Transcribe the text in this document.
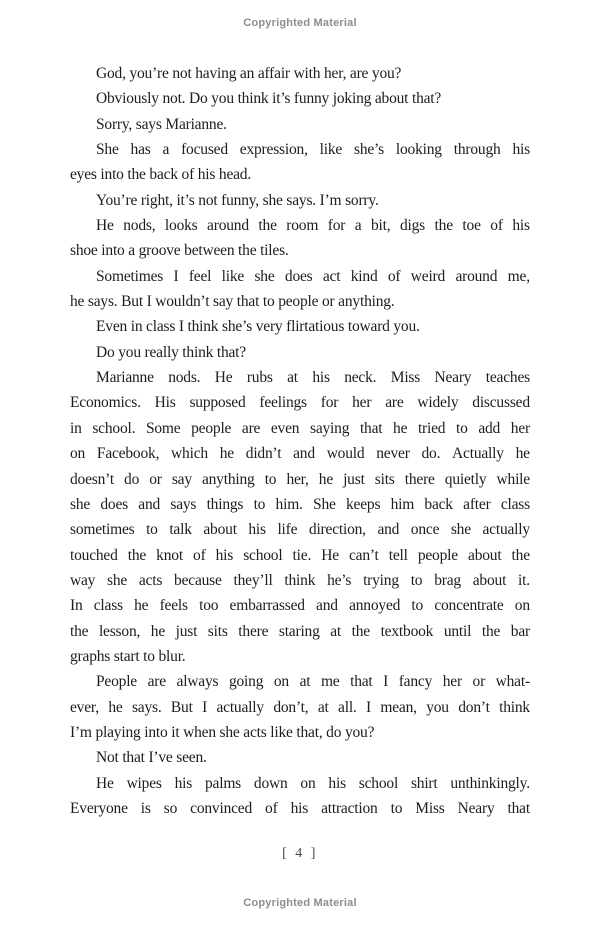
Copyrighted Material
God, you’re not having an affair with her, are you?
Obviously not. Do you think it’s funny joking about that?
Sorry, says Marianne.
She has a focused expression, like she’s looking through his
eyes into the back of his head.
You’re right, it’s not funny, she says. I’m sorry.
He nods, looks around the room for a bit, digs the toe of his
shoe into a groove between the tiles.
Sometimes I feel like she does act kind of weird around me,
he says. But I wouldn’t say that to people or anything.
Even in class I think she’s very flirtatious toward you.
Do you really think that?
Marianne nods. He rubs at his neck. Miss Neary teaches
Economics. His supposed feelings for her are widely discussed
in school. Some people are even saying that he tried to add her
on Facebook, which he didn’t and would never do. Actually he
doesn’t do or say anything to her, he just sits there quietly while
she does and says things to him. She keeps him back after class
sometimes to talk about his life direction, and once she actually
touched the knot of his school tie. He can’t tell people about the
way she acts because they’ll think he’s trying to brag about it.
In class he feels too embarrassed and annoyed to concentrate on
the lesson, he just sits there staring at the textbook until the bar
graphs start to blur.
People are always going on at me that I fancy her or what-
ever, he says. But I actually don’t, at all. I mean, you don’t think
I’m playing into it when she acts like that, do you?
Not that I’ve seen.
He wipes his palms down on his school shirt unthinkingly.
Everyone is so convinced of his attraction to Miss Neary that
[ 4 ]
Copyrighted Material
